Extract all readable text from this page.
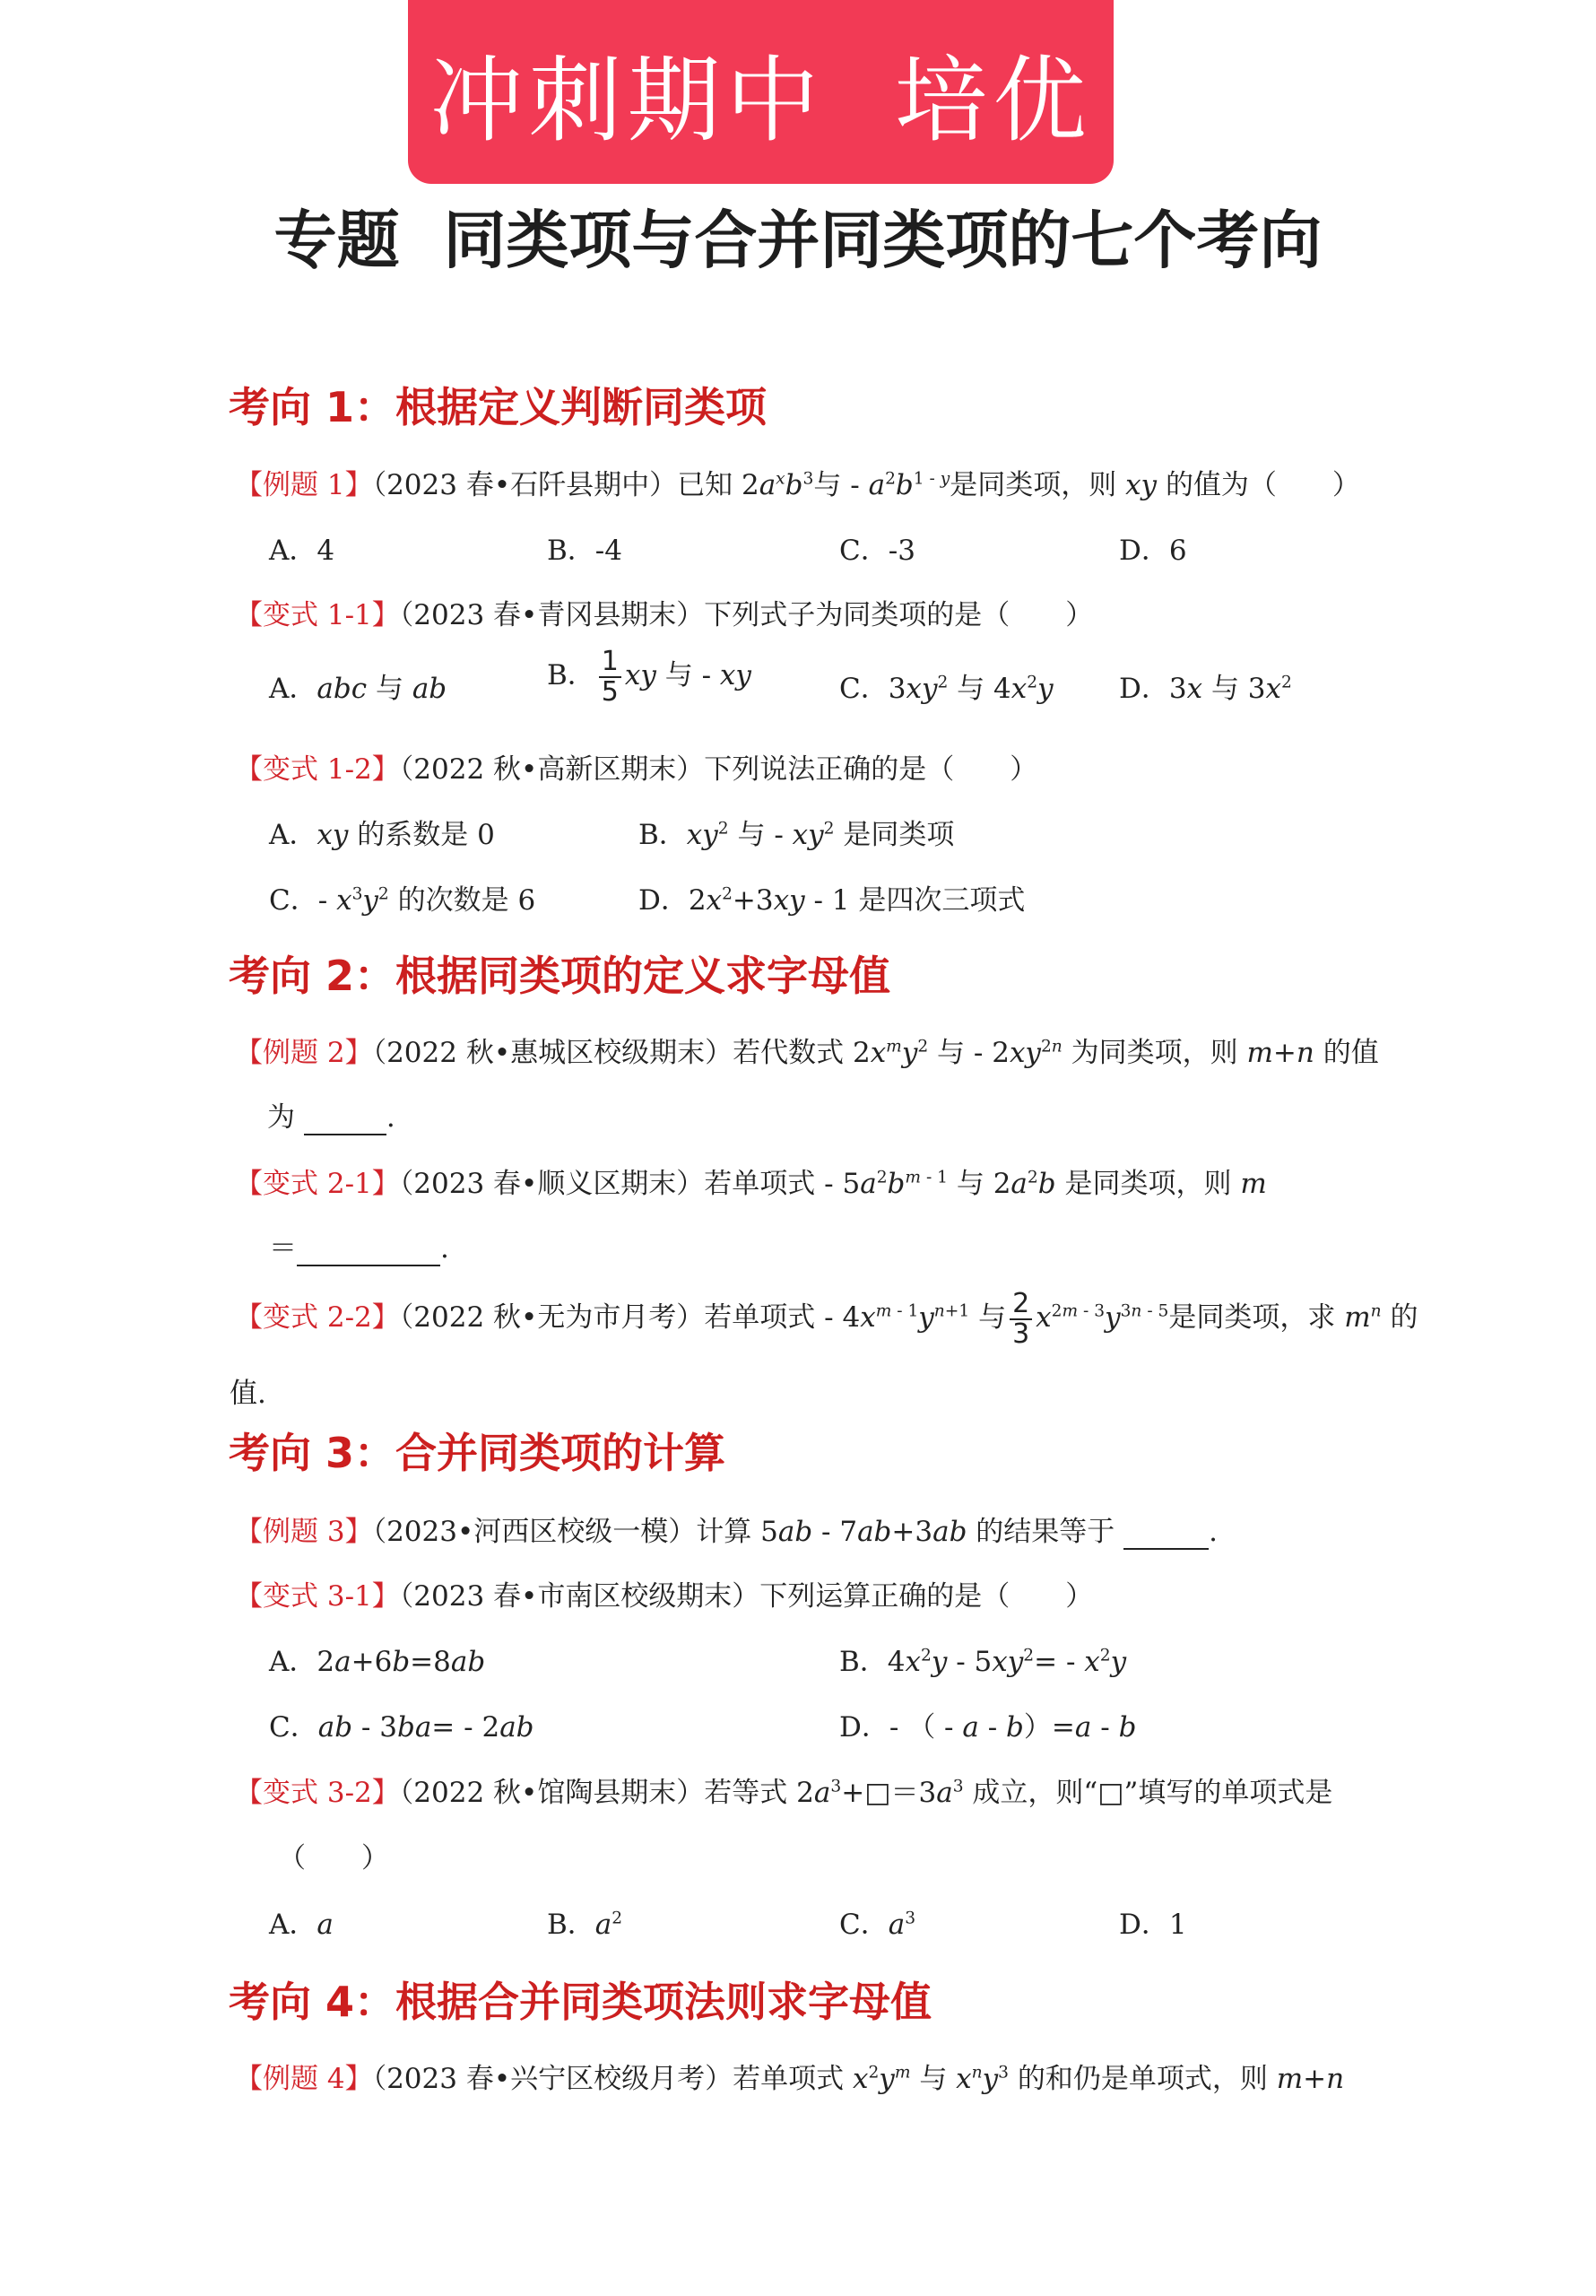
冲刺期中  培优
专题  同类项与合并同类项的七个考向
考向 1：根据定义判断同类项
【例题 1】（2023 春•石阡县期中）已知 $2a^xb^3$与 - $a^2b^{1 - y}$是同类项，则 xy 的值为（　　）
A．4	B．-4	C．-3	D．6
【变式 1-1】（2023 春•青冈县期末）下列式子为同类项的是（　　）
A．abc 与 ab	B． $\frac{1}{5}$ xy 与 - xy	C．$3xy^2$ 与 $4x^2y$ D．3x 与 $3x^2$
【变式 1-2】（2022 秋•高新区期末）下列说法正确的是（　　）
A．xy 的系数是 0	B．$xy^2$ 与 - $xy^2$ 是同类项
C．- $x^3y^2$ 的次数是 6	D．$2x^2+3xy - 1$ 是四次三项式
考向 2：根据同类项的定义求字母值
【例题 2】（2022 秋•惠城区校级期末）若代数式 $2x^my^2$ 与 - $2xy^{2n}$ 为同类项，则 m+n 的值
为	.
【变式 2-1】（2023 春•顺义区期末）若单项式 - $5a^2b^{m - 1}$ 与 $2a^2b$ 是同类项，则 m
＝	.
【变式 2-2】（2022 秋•无为市月考）若单项式 - $4x^{m - 1}y^{n+1}$ 与 $\frac{2}{3} x^{2m - 3}y^{3n - 5}$是同类项，求 $m^n$ 的
值.
考向 3：合并同类项的计算
【例题 3】（2023•河西区校级一模）计算 5ab - 7ab+3ab 的结果等于	.
【变式 3-1】（2023 春•市南区校级期末）下列运算正确的是（　　）
A．2a+6b=8ab	B．$4x^2y - 5xy^2= - x^2y$
C．ab - 3ba= - 2ab	D．- （ - a - b）=a - b
【变式 3-2】（2022 秋•馆陶县期末）若等式 $2a^3+□=3a^3$ 成立，则“□”填写的单项式是
（　　）
A．a	B．$a^2$	C．$a^3$	D．1
考向 4：根据合并同类项法则求字母值
【例题 4】（2023 春•兴宁区校级月考）若单项式 $x^2y^m$ 与 $x^ny^3$ 的和仍是单项式，则 m+n
